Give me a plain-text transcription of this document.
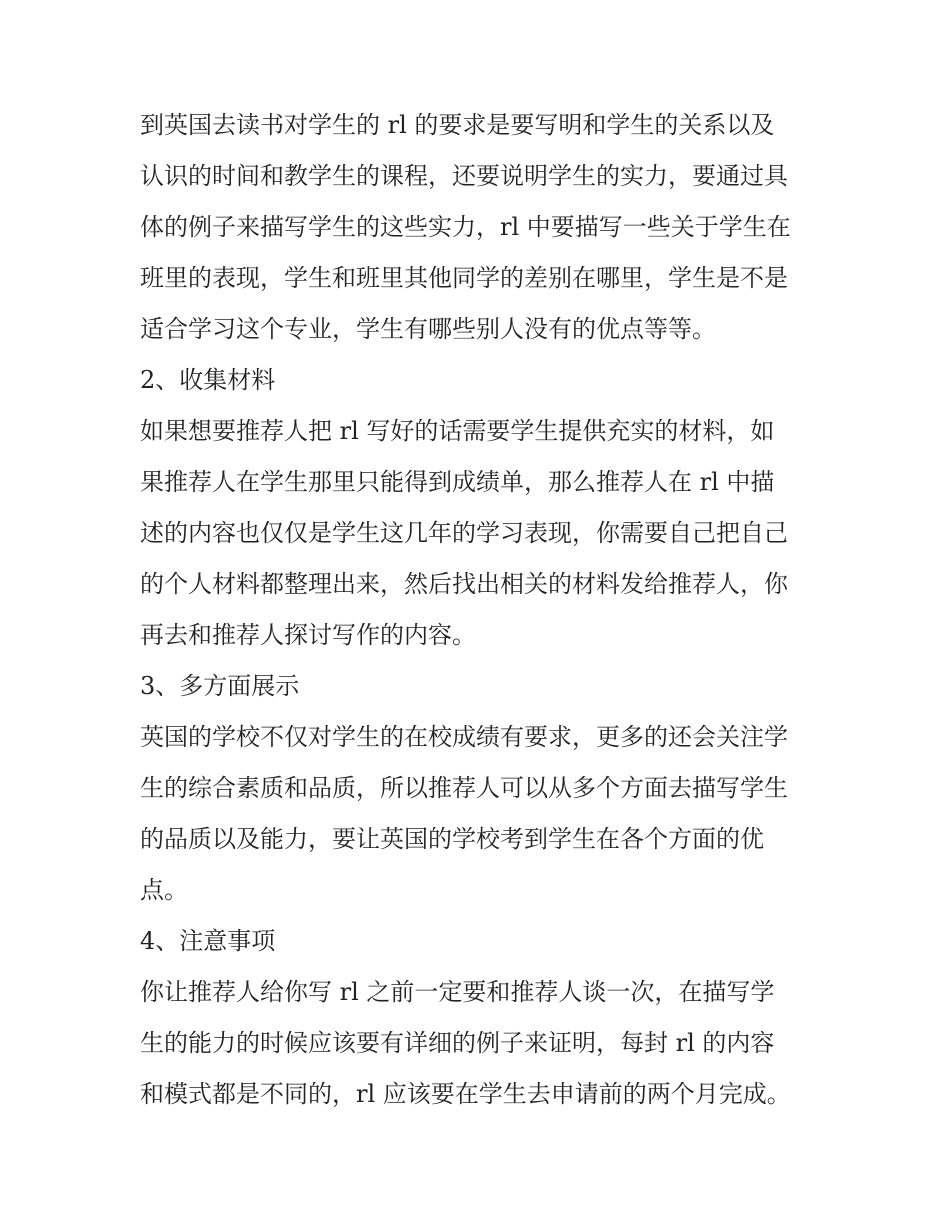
到英国去读书对学生的 rl 的要求是要写明和学生的关系以及
认识的时间和教学生的课程，还要说明学生的实力，要通过具
体的例子来描写学生的这些实力，rl 中要描写一些关于学生在
班里的表现，学生和班里其他同学的差别在哪里，学生是不是
适合学习这个专业，学生有哪些别人没有的优点等等。
2、收集材料
如果想要推荐人把 rl 写好的话需要学生提供充实的材料，如
果推荐人在学生那里只能得到成绩单，那么推荐人在 rl 中描
述的内容也仅仅是学生这几年的学习表现，你需要自己把自己
的个人材料都整理出来，然后找出相关的材料发给推荐人，你
再去和推荐人探讨写作的内容。
3、多方面展示
英国的学校不仅对学生的在校成绩有要求，更多的还会关注学
生的综合素质和品质，所以推荐人可以从多个方面去描写学生
的品质以及能力，要让英国的学校考到学生在各个方面的优
点。
4、注意事项
你让推荐人给你写 rl 之前一定要和推荐人谈一次，在描写学
生的能力的时候应该要有详细的例子来证明，每封 rl 的内容
和模式都是不同的，rl 应该要在学生去申请前的两个月完成。
